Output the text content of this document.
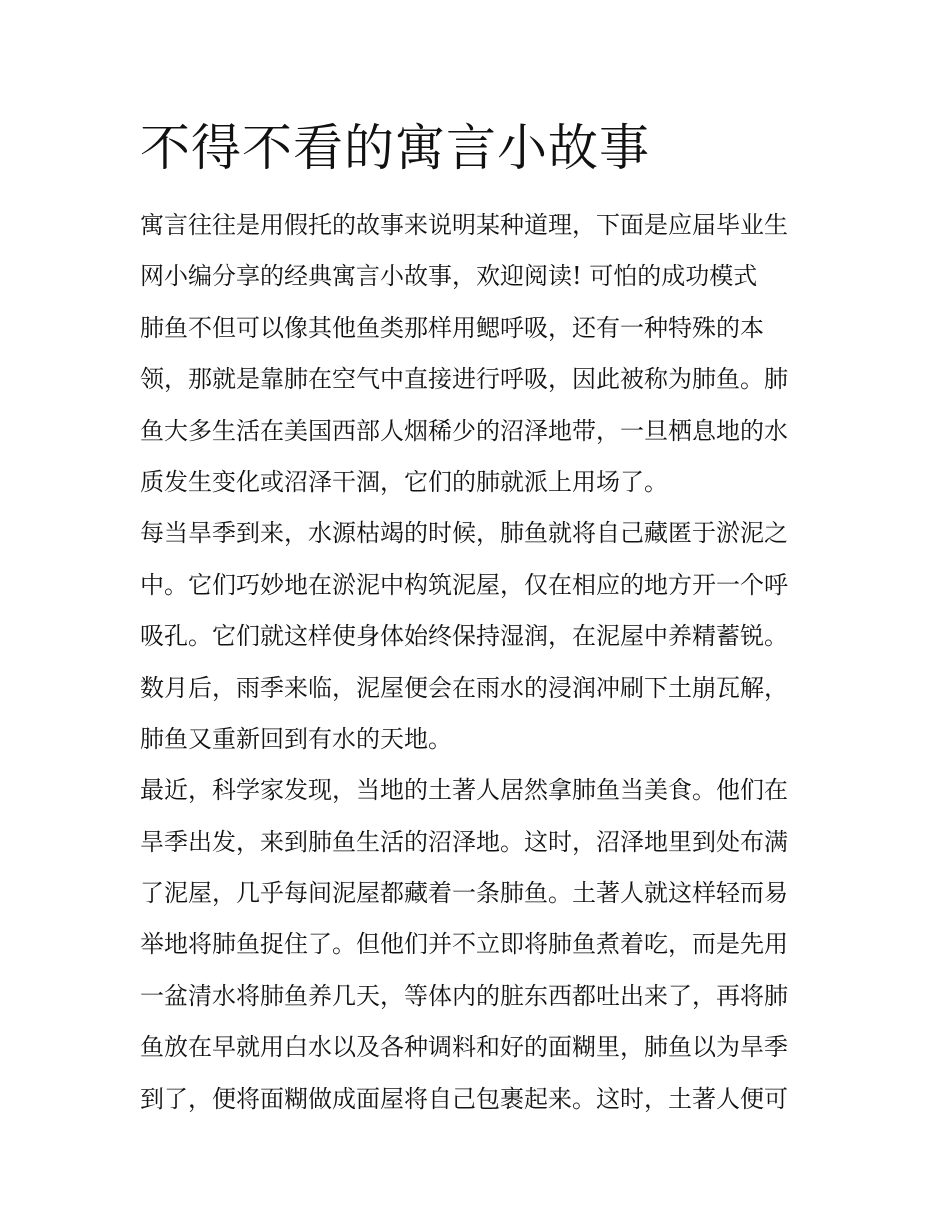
不得不看的寓言小故事
寓言往往是用假托的故事来说明某种道理，下面是应届毕业生
网小编分享的经典寓言小故事，欢迎阅读! 可怕的成功模式
肺鱼不但可以像其他鱼类那样用鳃呼吸，还有一种特殊的本
领，那就是靠肺在空气中直接进行呼吸，因此被称为肺鱼。肺
鱼大多生活在美国西部人烟稀少的沼泽地带，一旦栖息地的水
质发生变化或沼泽干涸，它们的肺就派上用场了。
每当旱季到来，水源枯竭的时候，肺鱼就将自己藏匿于淤泥之
中。它们巧妙地在淤泥中构筑泥屋，仅在相应的地方开一个呼
吸孔。它们就这样使身体始终保持湿润，在泥屋中养精蓄锐。
数月后，雨季来临，泥屋便会在雨水的浸润冲刷下土崩瓦解，
肺鱼又重新回到有水的天地。
最近，科学家发现，当地的土著人居然拿肺鱼当美食。他们在
旱季出发，来到肺鱼生活的沼泽地。这时，沼泽地里到处布满
了泥屋，几乎每间泥屋都藏着一条肺鱼。土著人就这样轻而易
举地将肺鱼捉住了。但他们并不立即将肺鱼煮着吃，而是先用
一盆清水将肺鱼养几天，等体内的脏东西都吐出来了，再将肺
鱼放在早就用白水以及各种调料和好的面糊里，肺鱼以为旱季
到了，便将面糊做成面屋将自己包裹起来。这时，土著人便可
